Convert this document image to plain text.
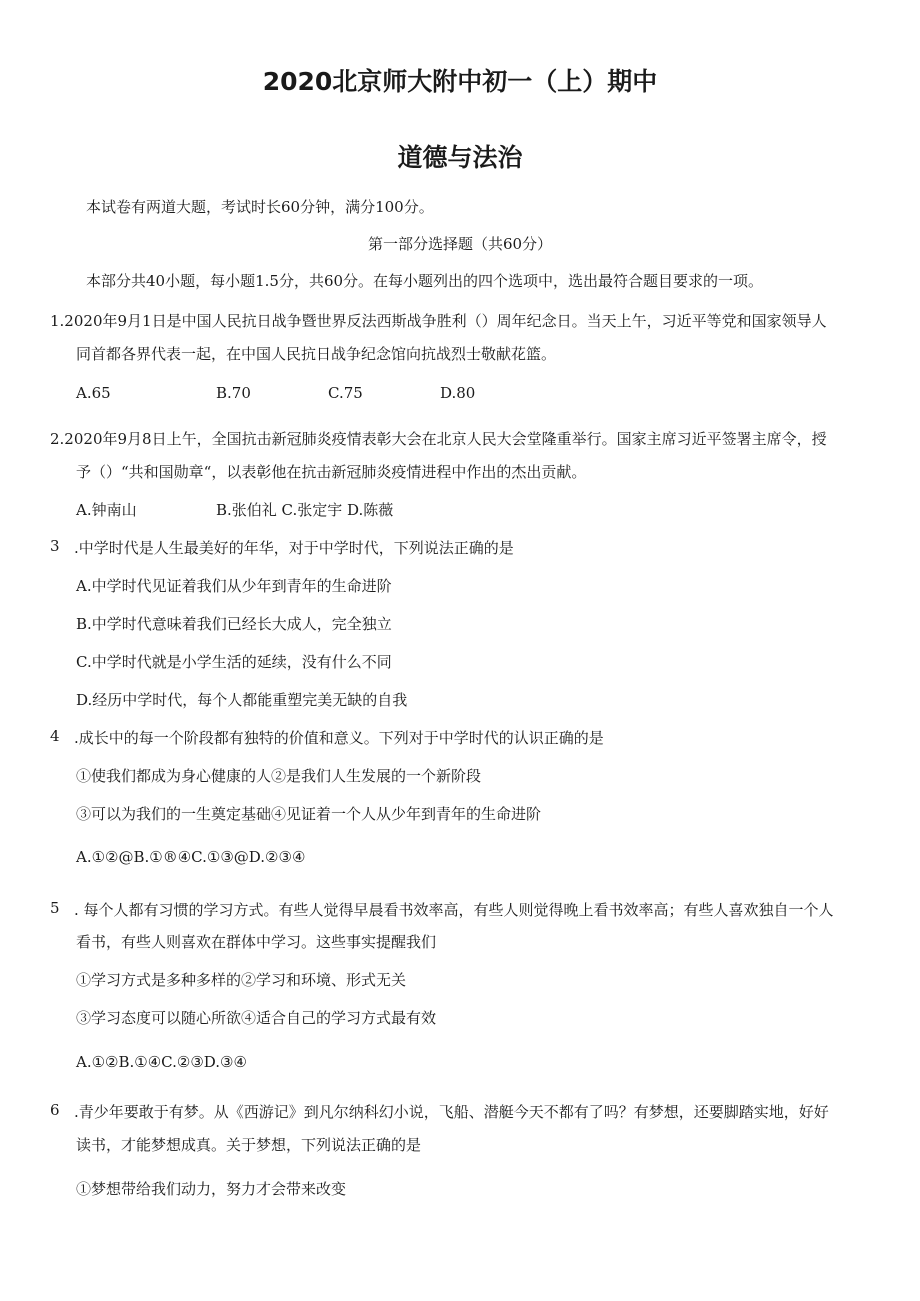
2020北京师大附中初一（上）期中
道德与法治
本试卷有两道大题，考试时长60分钟，满分100分。
第一部分选择题（共60分）
本部分共40小题，每小题1.5分，共60分。在每小题列出的四个选项中，选出最符合题目要求的一项。
1.2020年9月1日是中国人民抗日战争暨世界反法西斯战争胜利（）周年纪念日。当天上午，习近平等党和国家领导人
同首都各界代表一起，在中国人民抗日战争纪念馆向抗战烈士敬献花篮。
A.65	B.70	C.75	D.80
2.2020年9月8日上午，全国抗击新冠肺炎疫情表彰大会在北京人民大会堂隆重举行。国家主席习近平签署主席令，授
予（）“共和国勋章“，以表彰他在抗击新冠肺炎疫情进程中作出的杰出贡献。
A.钟南山	B.张伯礼 C.张定宇 D.陈薇
3 .中学时代是人生最美好的年华，对于中学时代，下列说法正确的是
A.中学时代见证着我们从少年到青年的生命进阶
B.中学时代意味着我们已经长大成人，完全独立
C.中学时代就是小学生活的延续，没有什么不同
D.经历中学时代，每个人都能重塑完美无缺的自我
4 .成长中的每一个阶段都有独特的价值和意义。下列对于中学时代的认识正确的是
①使我们都成为身心健康的人②是我们人生发展的一个新阶段
③可以为我们的一生奠定基础④见证着一个人从少年到青年的生命进阶
A.①②@B.①®④C.①③@D.②③④
5 . 每个人都有习惯的学习方式。有些人觉得早晨看书效率高，有些人则觉得晚上看书效率高；有些人喜欢独自一个人
看书，有些人则喜欢在群体中学习。这些事实提醒我们
①学习方式是多种多样的②学习和环境、形式无关
③学习态度可以随心所欲④适合自己的学习方式最有效
A.①②B.①④C.②③D.③④
6 .青少年要敢于有梦。从《西游记》到凡尔纳科幻小说，飞船、潜艇今天不都有了吗？有梦想，还要脚踏实地，好好
读书，才能梦想成真。关于梦想，下列说法正确的是
①梦想带给我们动力，努力才会带来改变
